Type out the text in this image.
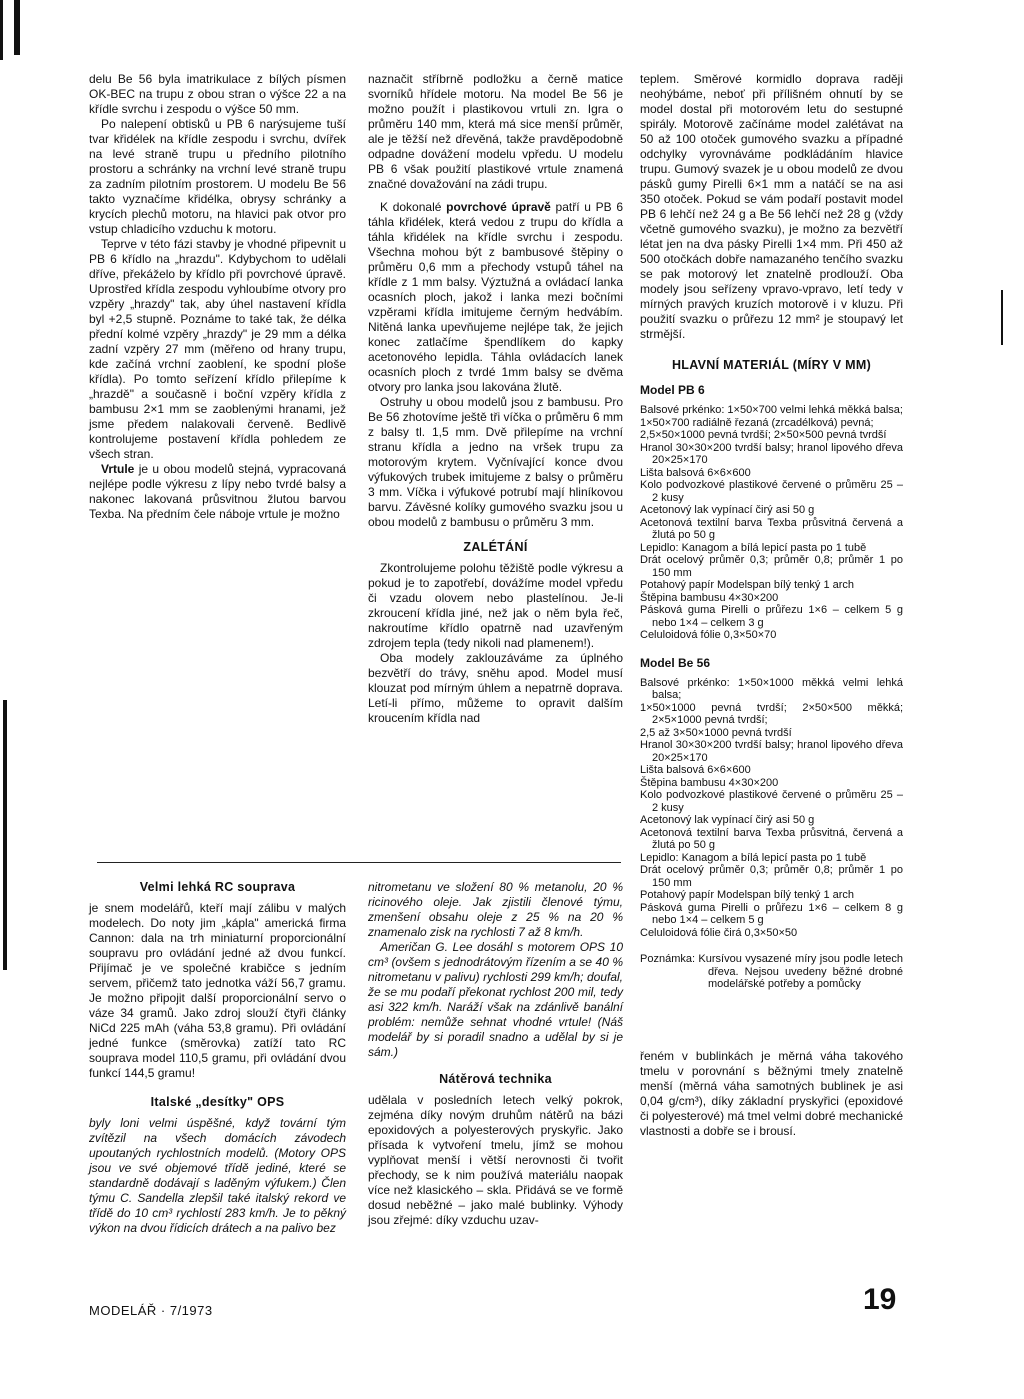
delu Be 56 byla imatrikulace z bílých písmen OK-BEC na trupu z obou stran o výšce 22 a na křídle svrchu i zespodu o výšce 50 mm.

Po nalepení obtisků u PB 6 narýsujeme tuší tvar křidélek na křídle zespodu i svrchu, dvířek na levé straně trupu u předního pilotního prostoru a schránky na vrchní levé straně trupu za zadním pilotním prostorem. U modelu Be 56 takto vyznačíme křidélka, obrysy schránky a krycích plechů motoru, na hlavici pak otvor pro vstup chladicího vzduchu k motoru.

Teprve v této fázi stavby je vhodné připevnit u PB 6 křídlo na „hrazdu". Kdybychom to udělali dříve, překáželo by křídlo při povrchové úpravě. Uprostřed křídla zespodu vyhloubíme otvory pro vzpěry „hrazdy" tak, aby úhel nastavení křídla byl +2,5 stupně. Poznáme to také tak, že délka přední kolmé vzpěry „hrazdy" je 29 mm a délka zadní vzpěry 27 mm (měřeno od hrany trupu, kde začíná vrchní zaoblení, ke spodní ploše křídla). Po tomto seřízení křídlo přilepíme k „hrazdě" a současně i boční vzpěry křídla z bambusu 2×1 mm se zaoblenými hranami, jež jsme předem nalakovali červeně. Bedlivě kontrolujeme postavení křídla pohledem ze všech stran.

Vrtule je u obou modelů stejná, vypracovaná nejlépe podle výkresu z lípy nebo tvrdé balsy a nakonec lakovaná průsvitnou žlutou barvou Texba. Na předním čele náboje vrtule je možno

naznačit stříbrně podložku a černě matice svorníků hřídele motoru. Na model Be 56 je možno použít i plastikovou vrtuli zn. Igra o průměru 140 mm, která má sice menší průměr, ale je těžší než dřevěná, takže pravděpodobně odpadne dovážení modelu vpředu. U modelu PB 6 však použití plastikové vrtule znamená značné dovažování na zádi trupu.

K dokonalé povrchové úpravě patří u PB 6 táhla křidélek, která vedou z trupu do křídla a táhla křidélek na křídle svrchu i zespodu. Všechna mohou být z bambusové štěpiny o průměru 0,6 mm a přechody vstupů táhel na křídle z 1 mm balsy. Výztužná a ovládací lanka ocasních ploch, jakož i lanka mezi bočními vzpěrami křídla imitujeme černým hedvábím. Nitěná lanka upevňujeme nejlépe tak, že jejich konec zatlačíme špendlíkem do kapky acetonového lepidla. Táhla ovládacích lanek ocasních ploch z tvrdé 1mm balsy se dvěma otvory pro lanka jsou lakována žlutě.

Ostruhy u obou modelů jsou z bambusu. Pro Be 56 zhotovíme ještě tři víčka o průměru 6 mm z balsy tl. 1,5 mm. Dvě přilepíme na vrchní stranu křídla a jedno na vršek trupu za motorovým krytem. Vyčnívající konce dvou výfukových trubek imitujeme z balsy o průměru 3 mm. Víčka i výfukové potrubí mají hliníkovou barvu. Závěsné kolíky gumového svazku jsou u obou modelů z bambusu o průměru 3 mm.

ZALÉTÁNÍ

Zkontrolujeme polohu těžiště podle výkresu a pokud je to zapotřebí, dovážíme model vpředu či vzadu olovem nebo plastelínou. Je-li zkroucení křídla jiné, než jak o něm byla řeč, nakroutíme křídlo opatrně nad uzavřeným zdrojem tepla (tedy nikoli nad plamenem!).

Oba modely zaklouzáváme za úplného bezvětří do trávy, sněhu apod. Model musí klouzat pod mírným úhlem a nepatrně doprava. Letí-li přímo, můžeme to opravit dalším kroucením křídla nad

teplem. Směrové kormidlo doprava raději neohýbáme, neboť při přílišném ohnutí by se model dostal při motorovém letu do sestupné spirály. Motorově začínáme model zalétávat na 50 až 100 otoček gumového svazku a případné odchylky vyrovnáváme podkládáním hlavice trupu. Gumový svazek je u obou modelů ze dvou pásků gumy Pirelli 6×1 mm a natáčí se na asi 350 otoček. Pokud se vám podaří postavit model PB 6 lehčí než 24 g a Be 56 lehčí než 28 g (vždy včetně gumového svazku), je možno za bezvětří létat jen na dva pásky Pirelli 1×4 mm. Při 450 až 500 otočkách dobře namazaného tenčího svazku se pak motorový let znatelně prodlouží. Oba modely jsou seřízeny vpravo-vpravo, letí tedy v mírných pravých kruzích motorově i v kluzu. Při použití svazku o průřezu 12 mm² je stoupavý let strmější.

HLAVNÍ MATERIÁL (MÍRY V MM)
Model PB 6
Balsové prkénko: 1×50×700 velmi lehká měkká balsa;
1×50×700 radiálně řezaná (zrcadélková) pevná;
2,5×50×1000 pevná tvrdší; 2×50×500 pevná tvrdší
Hranol 30×30×200 tvrdší balsy; hranol lipového dřeva 20×25×170
Lišta balsová 6×6×600
Kolo podvozkové plastikové červené o průměru 25 – 2 kusy
Acetonový lak vypínací čirý asi 50 g
Acetonová textilní barva Texba průsvitná červená a žlutá po 50 g
Lepidlo: Kanagom a bílá lepicí pasta po 1 tubě
Drát ocelový průměr 0,3; průměr 0,8; průměr 1 po 150 mm
Potahový papír Modelspan bílý tenký 1 arch
Štěpina bambusu 4×30×200
Pásková guma Pirelli o průřezu 1×6 – celkem 5 g nebo 1×4 – celkem 3 g
Celuloidová fólie 0,3×50×70
Model Be 56
Balsové prkénko: 1×50×1000 měkká velmi lehká balsa;
1×50×1000 pevná tvrdší; 2×50×500 měkká; 2×5×1000 pevná tvrdší;
2,5 až 3×50×1000 pevná tvrdší
Hranol 30×30×200 tvrdší balsy; hranol lipového dřeva 20×25×170
Lišta balsová 6×6×600
Štěpina bambusu 4×30×200
Kolo podvozkové plastikové červené o průměru 25 – 2 kusy
Acetonový lak vypínací čirý asi 50 g
Acetonová textilní barva Texba průsvitná, červená a žlutá po 50 g
Lepidlo: Kanagom a bílá lepicí pasta po 1 tubě
Drát ocelový průměr 0,3; průměr 0,8; průměr 1 po 150 mm
Potahový papír Modelspan bílý tenký 1 arch
Pásková guma Pirelli o průřezu 1×6 – celkem 8 g nebo 1×4 – celkem 5 g
Celuloidová fólie čirá 0,3×50×50
Poznámka: Kursívou vysazené míry jsou podle letech dřeva. Nejsou uvedeny běžné drobné modelářské potřeby a pomůcky

řeném v bublinkách je měrná váha takového tmelu v porovnání s běžnými tmely znatelně menší (měrná váha samotných bublinek je asi 0,04 g/cm³), díky základní pryskyřici (epoxidové či polyesterové) má tmel velmi dobré mechanické vlastnosti a dobře se i brousí.

Velmi lehká RC souprava

je snem modelářů, kteří mají zálibu v malých modelech. Do noty jim „kápla" americká firma Cannon: dala na trh miniaturní proporcionální soupravu pro ovládání jedné až dvou funkcí. Přijímač je ve společné krabičce s jedním servem, přičemž tato jednotka váží 56,7 gramu. Je možno připojit další proporcionální servo o váze 34 gramů. Jako zdroj slouží čtyři články NiCd 225 mAh (váha 53,8 gramu). Při ovládání jedné funkce (směrovka) zatíží tato RC souprava model 110,5 gramu, při ovládání dvou funkcí 144,5 gramu!

Italské „desítky" OPS

byly loni velmi úspěšné, když tovární tým zvítězil na všech domácích závodech upoutaných rychlostních modelů. (Motory OPS jsou ve své objemové třídě jediné, které se standardně dodávají s laděným výfukem.) Člen týmu C. Sandella zlepšil také italský rekord ve třídě do 10 cm³ rychlostí 283 km/h. Je to pěkný výkon na dvou řídicích drátech a na palivo bez

nitrometanu ve složení 80 % metanolu, 20 % ricinového oleje. Jak zjistili členové týmu, zmenšení obsahu oleje z 25 % na 20 % znamenalo zisk na rychlosti 7 až 8 km/h.

Američan G. Lee dosáhl s motorem OPS 10 cm³ (ovšem s jednodrátovým řízením a se 40 % nitrometanu v palivu) rychlosti 299 km/h; doufal, že se mu podaří překonat rychlost 200 mil, tedy asi 322 km/h. Naráží však na zdánlivě banální problém: nemůže sehnat vhodné vrtule! (Náš modelář by si poradil snadno a udělal by si je sám.)

Nátěrová technika

udělala v posledních letech velký pokrok, zejména díky novým druhům nátěrů na bázi epoxidových a polyesterových pryskyřic. Jako přísada k vytvoření tmelu, jímž se mohou vyplňovat menší i větší nerovnosti či tvořit přechody, se k nim používá materiálu naopak více než klasického – skla. Přidává se ve formě dosud neběžné – jako malé bublinky. Výhody jsou zřejmé: díky vzduchu uzav-

MODELÁŘ · 7/1973	19
